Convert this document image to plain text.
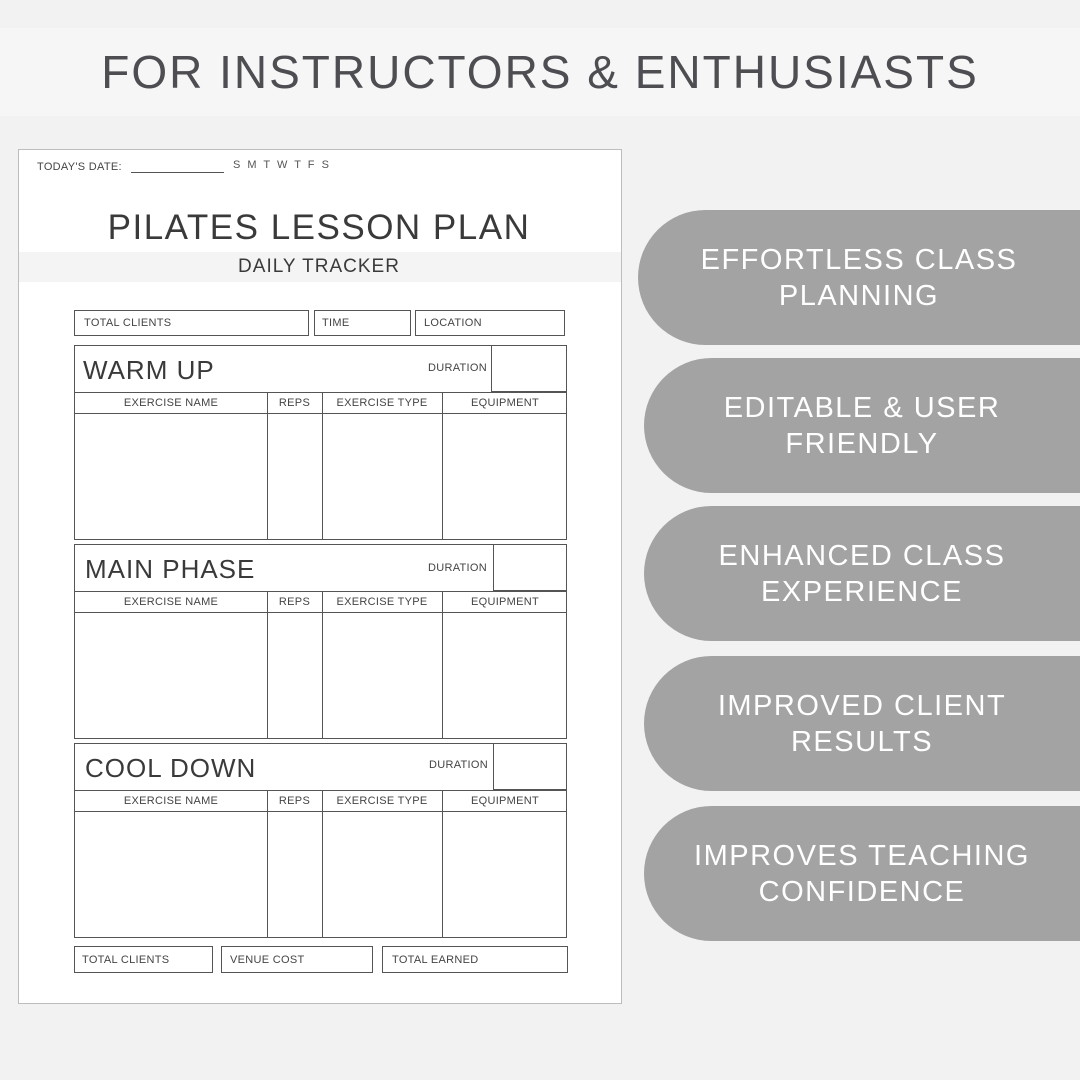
FOR INSTRUCTORS & ENTHUSIASTS
TODAY'S DATE:	S M T W T F S
PILATES LESSON PLAN
DAILY TRACKER
TOTAL CLIENTS	TIME	LOCATION
WARM UP	DURATION
EXERCISE NAME	REPS	EXERCISE TYPE	EQUIPMENT
MAIN PHASE	DURATION
EXERCISE NAME	REPS	EXERCISE TYPE	EQUIPMENT
COOL DOWN	DURATION
EXERCISE NAME	REPS	EXERCISE TYPE	EQUIPMENT
TOTAL CLIENTS	VENUE COST	TOTAL EARNED
EFFORTLESS CLASS PLANNING
EDITABLE & USER FRIENDLY
ENHANCED CLASS EXPERIENCE
IMPROVED CLIENT RESULTS
IMPROVES TEACHING CONFIDENCE
